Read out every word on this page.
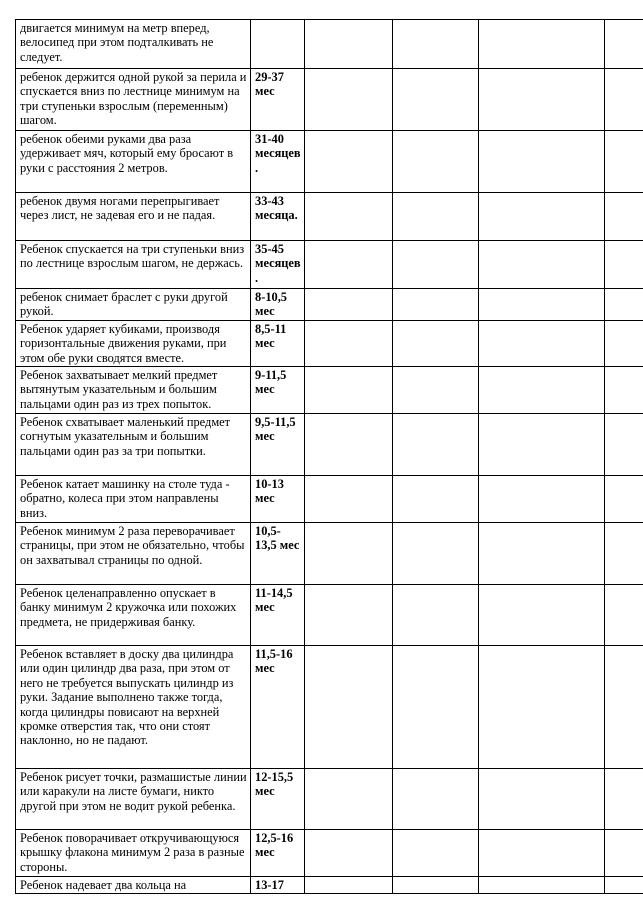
двигается минимум на метр вперед, велосипед при этом подталкивать не следует.					
ребенок держится одной рукой за перила и спускается вниз по лестнице минимум на три ступеньки взрослым (переменным) шагом.	29-37 мес				
ребенок обеими руками два раза удерживает мяч, который ему бросают в руки с расстояния 2 метров.	31-40 месяцев.				
ребенок двумя ногами перепрыгивает через лист, не задевая его и не падая.	33-43 месяца.				
Ребенок спускается на три ступеньки вниз по лестнице взрослым шагом, не держась.	35-45 месяцев.				
ребенок снимает браслет с руки другой рукой.	8-10,5 мес				
Ребенок ударяет кубиками, производя горизонтальные движения руками, при этом обе руки сводятся вместе.	8,5-11 мес				
Ребенок захватывает мелкий предмет вытянутым указательным и большим пальцами один раз из трех попыток.	9-11,5 мес				
Ребенок схватывает маленький предмет согнутым указательным и большим пальцами один раз за три попытки.	9,5-11,5 мес				
Ребенок катает машинку на столе туда - обратно, колеса при этом направлены вниз.	10-13 мес				
Ребенок минимум 2 раза переворачивает страницы, при этом не обязательно, чтобы он захватывал страницы по одной.	10,5-13,5 мес				
Ребенок целенаправленно опускает в банку минимум 2 кружочка или похожих предмета, не придерживая банку.	11-14,5 мес				
Ребенок вставляет в доску два цилиндра или один цилиндр два раза, при этом от него не требуется выпускать цилиндр из руки. Задание выполнено также тогда, когда цилиндры повисают на верхней кромке отверстия так, что они стоят наклонно, но не падают.	11,5-16 мес				
Ребенок рисует точки, размашистые линии или каракули на листе бумаги, никто другой при этом не водит рукой ребенка.	12-15,5 мес				
Ребенок поворачивает откручивающуюся крышку флакона минимум 2 раза в разные стороны.	12,5-16 мес				
Ребенок надевает два кольца на	13-17				
